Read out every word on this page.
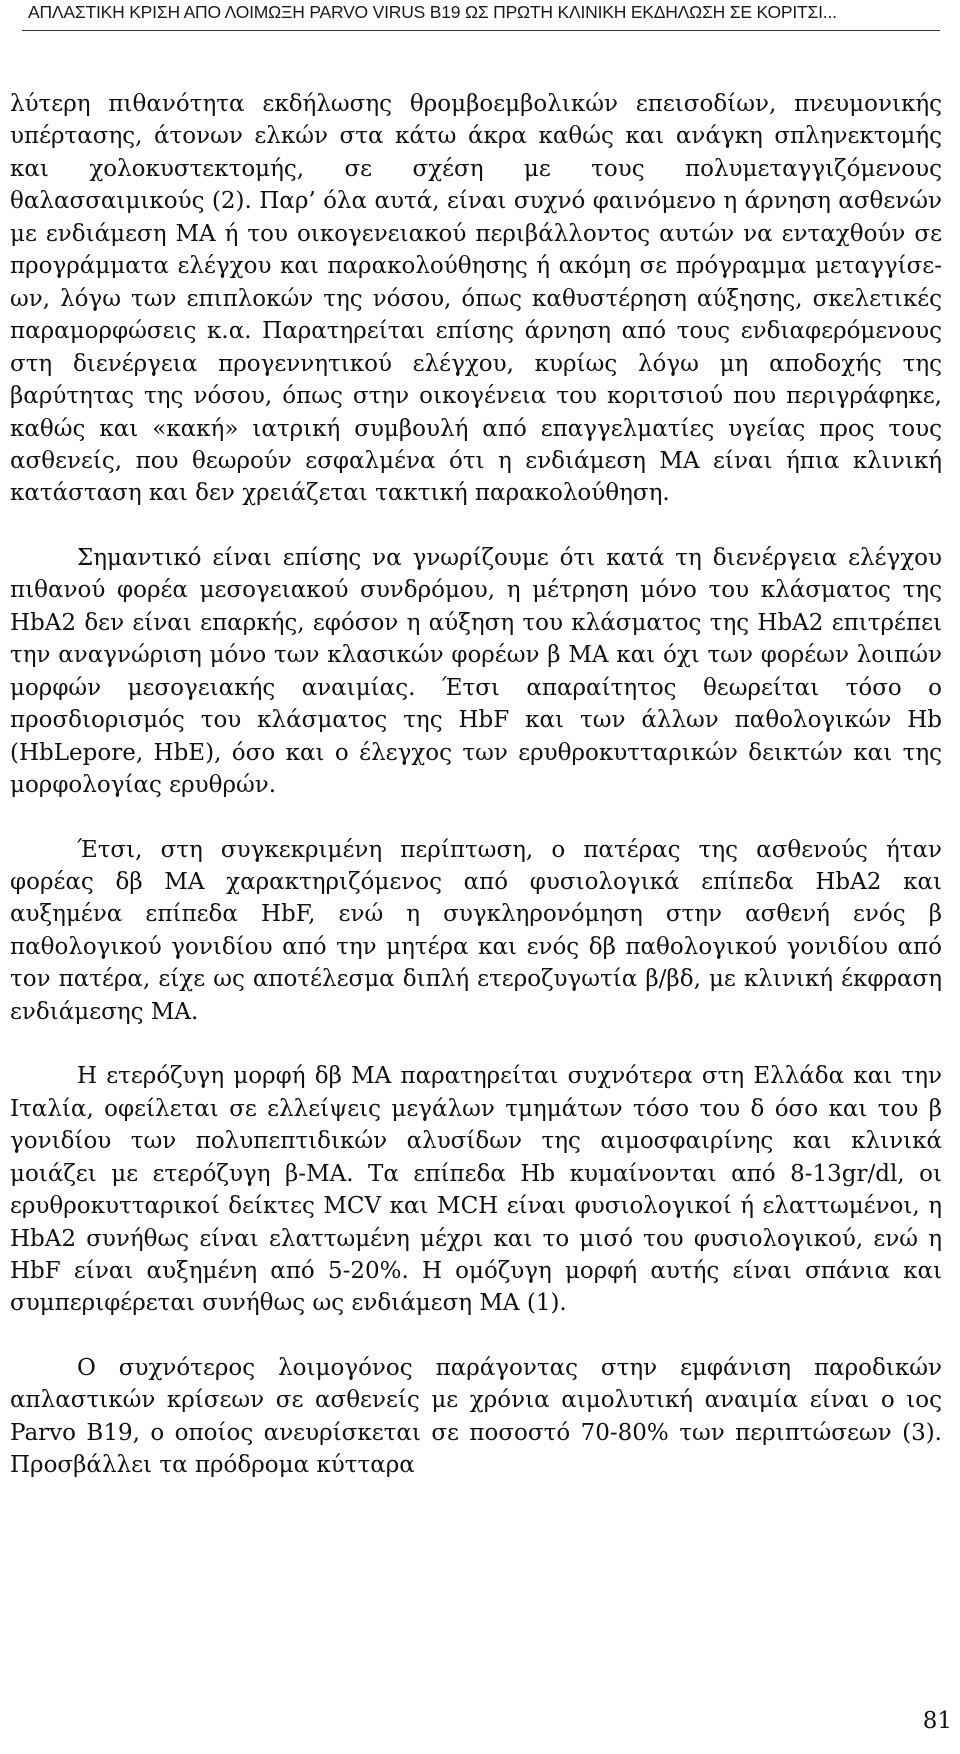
ΑΠΛΑΣΤΙΚΗ ΚΡΙΣΗ ΑΠΟ ΛΟΙΜΩΞΗ PARVO VIRUS B19 ΩΣ ΠΡΩΤΗ ΚΛΙΝΙΚΗ ΕΚΔΗΛΩΣΗ ΣΕ ΚΟΡΙΤΣΙ...

λύτερη πιθανότητα εκδήλωσης θρομβοεμβολικών επεισοδίων, πνευμονικής υπέρτασης, άτονων ελκών στα κάτω άκρα καθώς και ανάγκη σπληνεκτομής και χολοκυστεκτομής, σε σχέση με τους πολυμεταγγιζόμενους θαλασσαιμικούς (2). Παρ’ όλα αυτά, είναι συχνό φαινόμενο η άρνηση ασθενών με ενδιάμεση ΜΑ ή του οικογενειακού περιβάλλοντος αυτών να ενταχθούν σε προγράμματα ελέγχου και παρακολούθησης ή ακόμη σε πρόγραμμα μεταγγίσεων, λόγω των επιπλοκών της νόσου, όπως καθυστέρηση αύξησης, σκελετικές παραμορφώσεις κ.α. Παρατηρείται επίσης άρνηση από τους ενδιαφερόμενους στη διενέργεια προγεννητικού ελέγχου, κυρίως λόγω μη αποδοχής της βαρύτητας της νόσου, όπως στην οικογένεια του κοριτσιού που περιγράφηκε, καθώς και «κακή» ιατρική συμβουλή από επαγγελματίες υγείας προς τους ασθενείς, που θεωρούν εσφαλμένα ότι η ενδιάμεση ΜΑ είναι ήπια κλινική κατάσταση και δεν χρειάζεται τακτική παρακολούθηση.

Σημαντικό είναι επίσης να γνωρίζουμε ότι κατά τη διενέργεια ελέγχου πιθανού φορέα μεσογειακού συνδρόμου, η μέτρηση μόνο του κλάσματος της HbA2 δεν είναι επαρκής, εφόσον η αύξηση του κλάσματος της HbA2 επιτρέπει την αναγνώριση μόνο των κλασικών φορέων β ΜΑ και όχι των φορέων λοιπών μορφών μεσογειακής αναιμίας. Έτσι απαραίτητος θεωρείται τόσο ο προσδιορισμός του κλάσματος της HbF και των άλλων παθολογικών Hb (HbLepore, HbE), όσο και ο έλεγχος των ερυθροκυτταρικών δεικτών και της μορφολογίας ερυθρών.

Έτσι, στη συγκεκριμένη περίπτωση, ο πατέρας της ασθενούς ήταν φορέας δβ ΜΑ χαρακτηριζόμενος από φυσιολογικά επίπεδα HbA2 και αυξημένα επίπεδα HbF, ενώ η συγκληρονόμηση στην ασθενή ενός β παθολογικού γονιδίου από την μητέρα και ενός δβ παθολογικού γονιδίου από τον πατέρα, είχε ως αποτέλεσμα διπλή ετεροζυγωτία β/βδ, με κλινική έκφραση ενδιάμεσης ΜΑ.

Η ετερόζυγη μορφή δβ ΜΑ παρατηρείται συχνότερα στη Ελλάδα και την Ιταλία, οφείλεται σε ελλείψεις μεγάλων τμημάτων τόσο του δ όσο και του β γονιδίου των πολυπεπτιδικών αλυσίδων της αιμοσφαιρίνης και κλινικά μοιάζει με ετερόζυγη β-ΜΑ. Τα επίπεδα Hb κυμαίνονται από 8-13gr/dl, οι ερυθροκυτταρικοί δείκτες MCV και MCH είναι φυσιολογικοί ή ελαττωμένοι, η HbA2 συνήθως είναι ελαττωμένη μέχρι και το μισό του φυσιολογικού, ενώ η HbF είναι αυξημένη από 5-20%. Η ομόζυγη μορφή αυτής είναι σπάνια και συμπεριφέρεται συνήθως ως ενδιάμεση ΜΑ (1).

Ο συχνότερος λοιμογόνος παράγοντας στην εμφάνιση παροδικών απλαστικών κρίσεων σε ασθενείς με χρόνια αιμολυτική αναιμία είναι ο ιος Parvo B19, ο οποίος ανευρίσκεται σε ποσοστό 70-80% των περιπτώσεων (3). Προσβάλλει τα πρόδρομα κύτταρα

81
